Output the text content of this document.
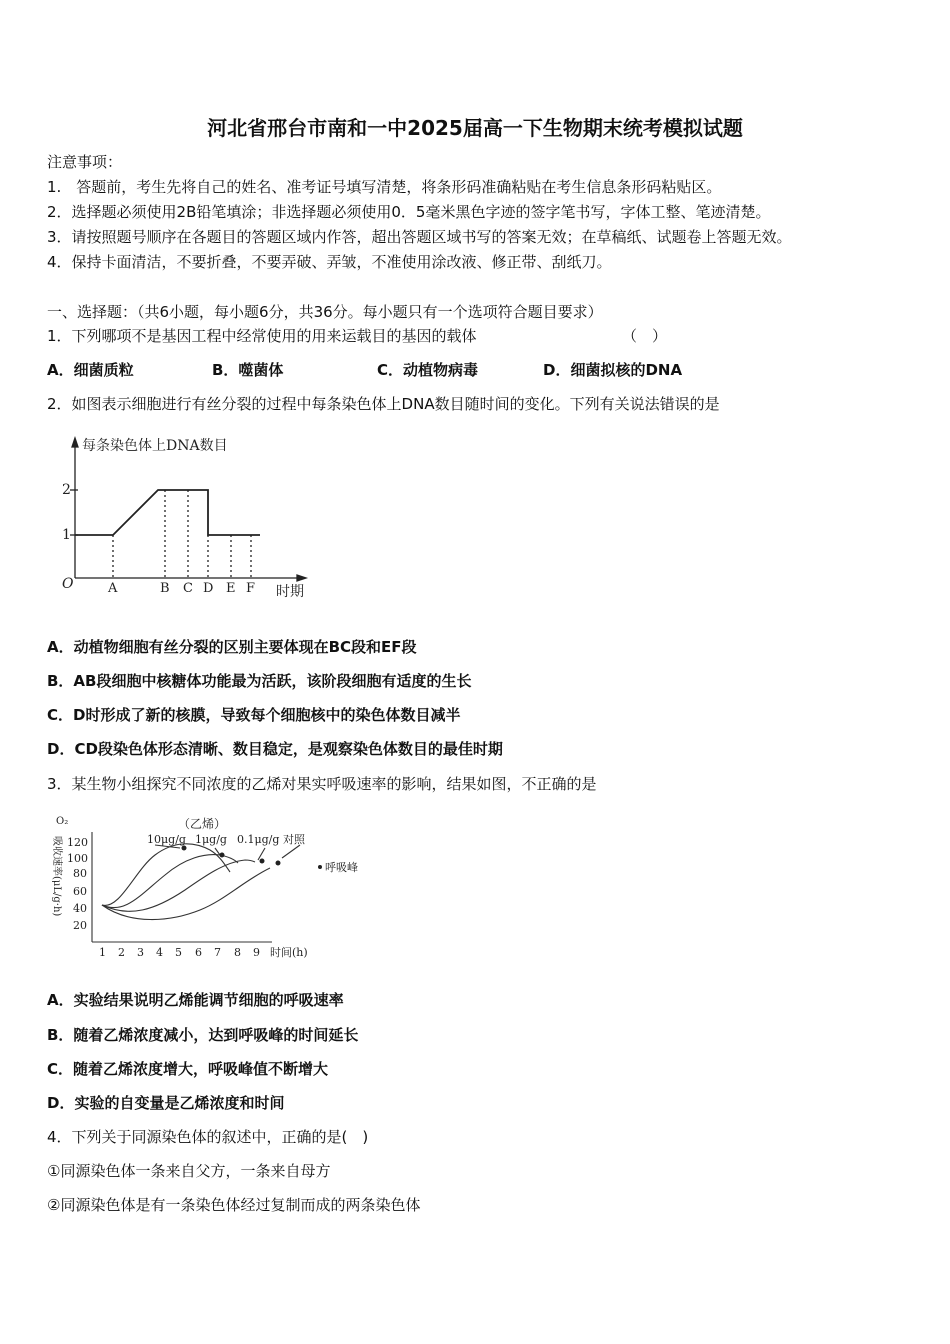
河北省邢台市南和一中2025届高一下生物期末统考模拟试题
注意事项：
1.　答题前，考生先将自己的姓名、准考证号填写清楚，将条形码准确粘贴在考生信息条形码粘贴区。
2．选择题必须使用2B铅笔填涂；非选择题必须使用0．5毫米黑色字迹的签字笔书写，字体工整、笔迹清楚。
3．请按照题号顺序在各题目的答题区域内作答，超出答题区域书写的答案无效；在草稿纸、试题卷上答题无效。
4．保持卡面清洁，不要折叠，不要弄破、弄皱，不准使用涂改液、修正带、刮纸刀。
一、选择题：（共6小题，每小题6分，共36分。每小题只有一个选项符合题目要求）
1．下列哪项不是基因工程中经常使用的用来运载目的基因的载体	（　）
A．细菌质粒	B．噬菌体	C．动植物病毒	D．细菌拟核的DNA
2．如图表示细胞进行有丝分裂的过程中每条染色体上DNA数目随时间的变化。下列有关说法错误的是
每条染色体上DNA数目
2
1
O	A	B C D E F 时期
A．动植物细胞有丝分裂的区别主要体现在BC段和EF段
B．AB段细胞中核糖体功能最为活跃，该阶段细胞有适度的生长
C．D时形成了新的核膜，导致每个细胞核中的染色体数目减半
D．CD段染色体形态清晰、数目稳定，是观察染色体数目的最佳时期
3．某生物小组探究不同浓度的乙烯对果实呼吸速率的影响，结果如图，不正确的是
O₂
吸收速率(μL/g·h) 120
100
80
60
40
20
1 2 3 4 5 6 7 8 9 时间(h)
（乙烯）
10μg/g 1μg/g 0.1μg/g 对照
呼吸峰
A．实验结果说明乙烯能调节细胞的呼吸速率
B．随着乙烯浓度减小，达到呼吸峰的时间延长
C．随着乙烯浓度增大，呼吸峰值不断增大
D．实验的自变量是乙烯浓度和时间
4．下列关于同源染色体的叙述中，正确的是(　)
①同源染色体一条来自父方，一条来自母方
②同源染色体是有一条染色体经过复制而成的两条染色体
